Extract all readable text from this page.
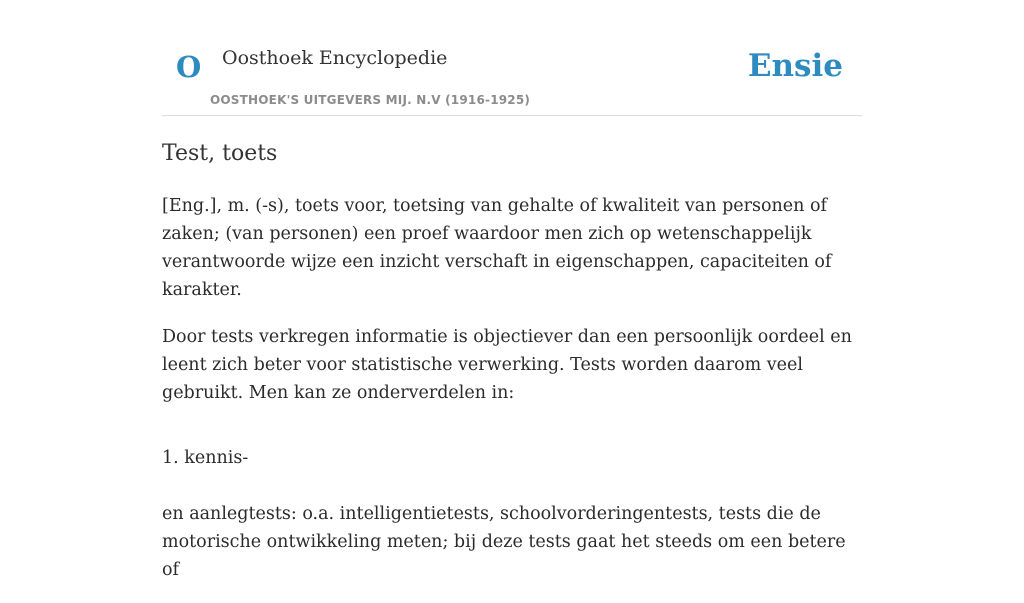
O Oosthoek Encyclopedie
OOSTHOEK'S UITGEVERS MIJ. N.V (1916-1925)
Ensie
Test, toets

[Eng.], m. (-s), toets voor, toetsing van gehalte of kwaliteit van personen of zaken; (van personen) een proef waardoor men zich op wetenschappelijk verantwoorde wijze een inzicht verschaft in eigenschappen, capaciteiten of karakter.

Door tests verkregen informatie is objectiever dan een persoonlijk oordeel en leent zich beter voor statistische verwerking. Tests worden daarom veel gebruikt. Men kan ze onderverdelen in:

1. kennis-

en aanlegtests: o.a. intelligentietests, schoolvorderingentests, tests die de motorische ontwikkeling meten; bij deze tests gaat het steeds om een betere of
